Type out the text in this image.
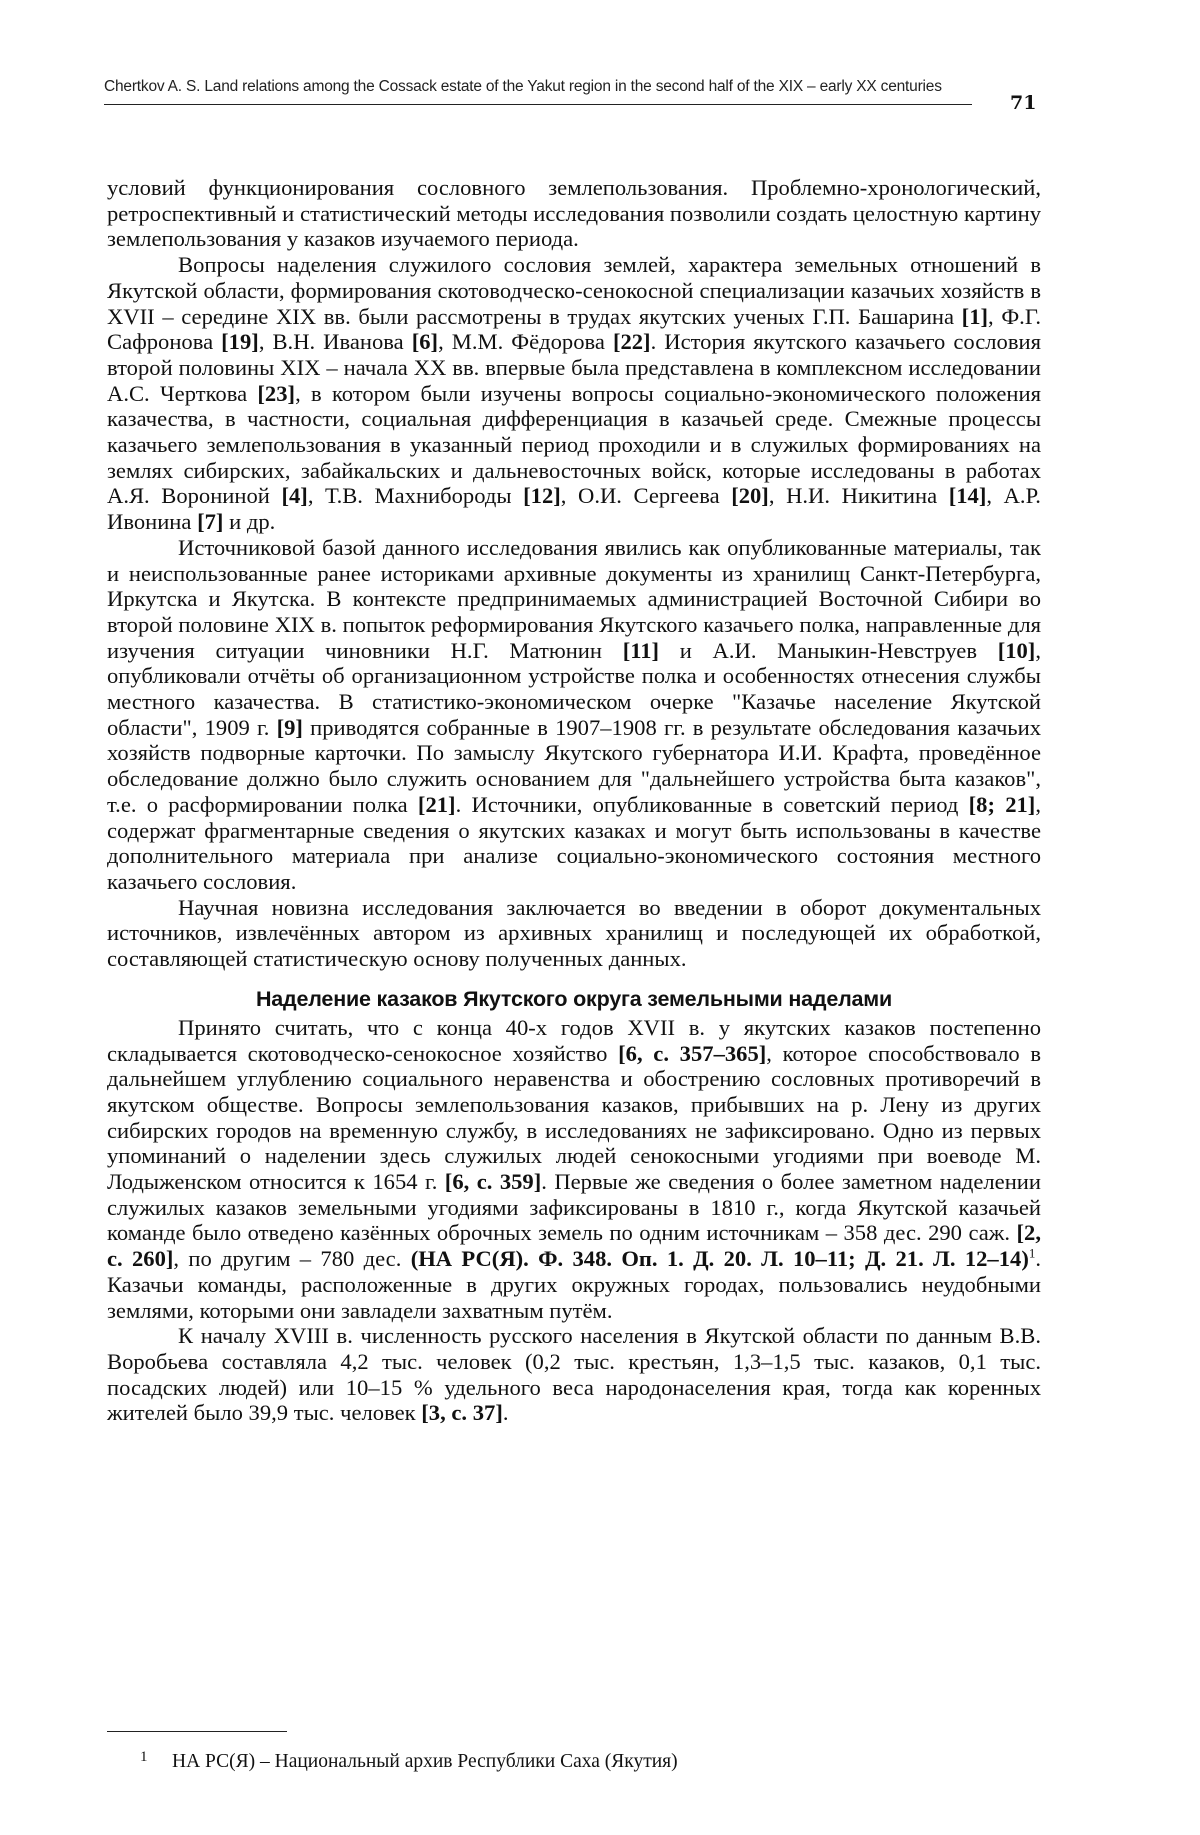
Chertkov A. S. Land relations among the Cossack estate of the Yakut region in the second half of the XIX – early XX centuries
71

условий функционирования сословного землепользования. Проблемно-хронологический, ретроспективный и статистический методы исследования позволили создать целостную картину землепользования у казаков изучаемого периода.

Вопросы наделения служилого сословия землей, характера земельных отношений в Якутской области, формирования скотоводческо-сенокосной специализации казачьих хозяйств в XVII – середине XIX вв. были рассмотрены в трудах якутских ученых Г.П. Башарина [1], Ф.Г. Сафронова [19], В.Н. Иванова [6], М.М. Фёдорова [22]. История якутского казачьего сословия второй половины XIX – начала XX вв. впервые была представлена в комплексном исследовании А.С. Черткова [23], в котором были изучены вопросы социально-экономического положения казачества, в частности, социальная дифференциация в казачьей среде. Смежные процессы казачьего землепользования в указанный период проходили и в служилых формированиях на землях сибирских, забайкальских и дальневосточных войск, которые исследованы в работах А.Я. Ворониной [4], Т.В. Махнибороды [12], О.И. Сергеева [20], Н.И. Никитина [14], А.Р. Ивонина [7] и др.

Источниковой базой данного исследования явились как опубликованные материалы, так и неиспользованные ранее историками архивные документы из хранилищ Санкт-Петербурга, Иркутска и Якутска. В контексте предпринимаемых администрацией Восточной Сибири во второй половине XIX в. попыток реформирования Якутского казачьего полка, направленные для изучения ситуации чиновники Н.Г. Матюнин [11] и А.И. Маныкин-Невструев [10], опубликовали отчёты об организационном устройстве полка и особенностях отнесения службы местного казачества. В статистико-экономическом очерке "Казачье население Якутской области", 1909 г. [9] приводятся собранные в 1907–1908 гг. в результате обследования казачьих хозяйств подворные карточки. По замыслу Якутского губернатора И.И. Крафта, проведённое обследование должно было служить основанием для "дальнейшего устройства быта казаков", т.е. о расформировании полка [21]. Источники, опубликованные в советский период [8; 21], содержат фрагментарные сведения о якутских казаках и могут быть использованы в качестве дополнительного материала при анализе социально-экономического состояния местного казачьего сословия.

Научная новизна исследования заключается во введении в оборот документальных источников, извлечённых автором из архивных хранилищ и последующей их обработкой, составляющей статистическую основу полученных данных.

Наделение казаков Якутского округа земельными наделами

Принято считать, что с конца 40-х годов XVII в. у якутских казаков постепенно складывается скотоводческо-сенокосное хозяйство [6, с. 357–365], которое способствовало в дальнейшем углублению социального неравенства и обострению сословных противоречий в якутском обществе. Вопросы землепользования казаков, прибывших на р. Лену из других сибирских городов на временную службу, в исследованиях не зафиксировано. Одно из первых упоминаний о наделении здесь служилых людей сенокосными угодиями при воеводе М. Лодыженском относится к 1654 г. [6, с. 359]. Первые же сведения о более заметном наделении служилых казаков земельными угодиями зафиксированы в 1810 г., когда Якутской казачьей команде было отведено казённых оброчных земель по одним источникам – 358 дес. 290 саж. [2, с. 260], по другим – 780 дес. (НА РС(Я). Ф. 348. Оп. 1. Д. 20. Л. 10–11; Д. 21. Л. 12–14)$^1$. Казачьи команды, расположенные в других окружных городах, пользовались неудобными землями, которыми они завладели захватным путём.

К началу XVIII в. численность русского населения в Якутской области по данным В.В. Воробьева составляла 4,2 тыс. человек (0,2 тыс. крестьян, 1,3–1,5 тыс. казаков, 0,1 тыс. посадских людей) или 10–15 % удельного веса народонаселения края, тогда как коренных жителей было 39,9 тыс. человек [3, с. 37].

1 НА РС(Я) – Национальный архив Республики Саха (Якутия)
